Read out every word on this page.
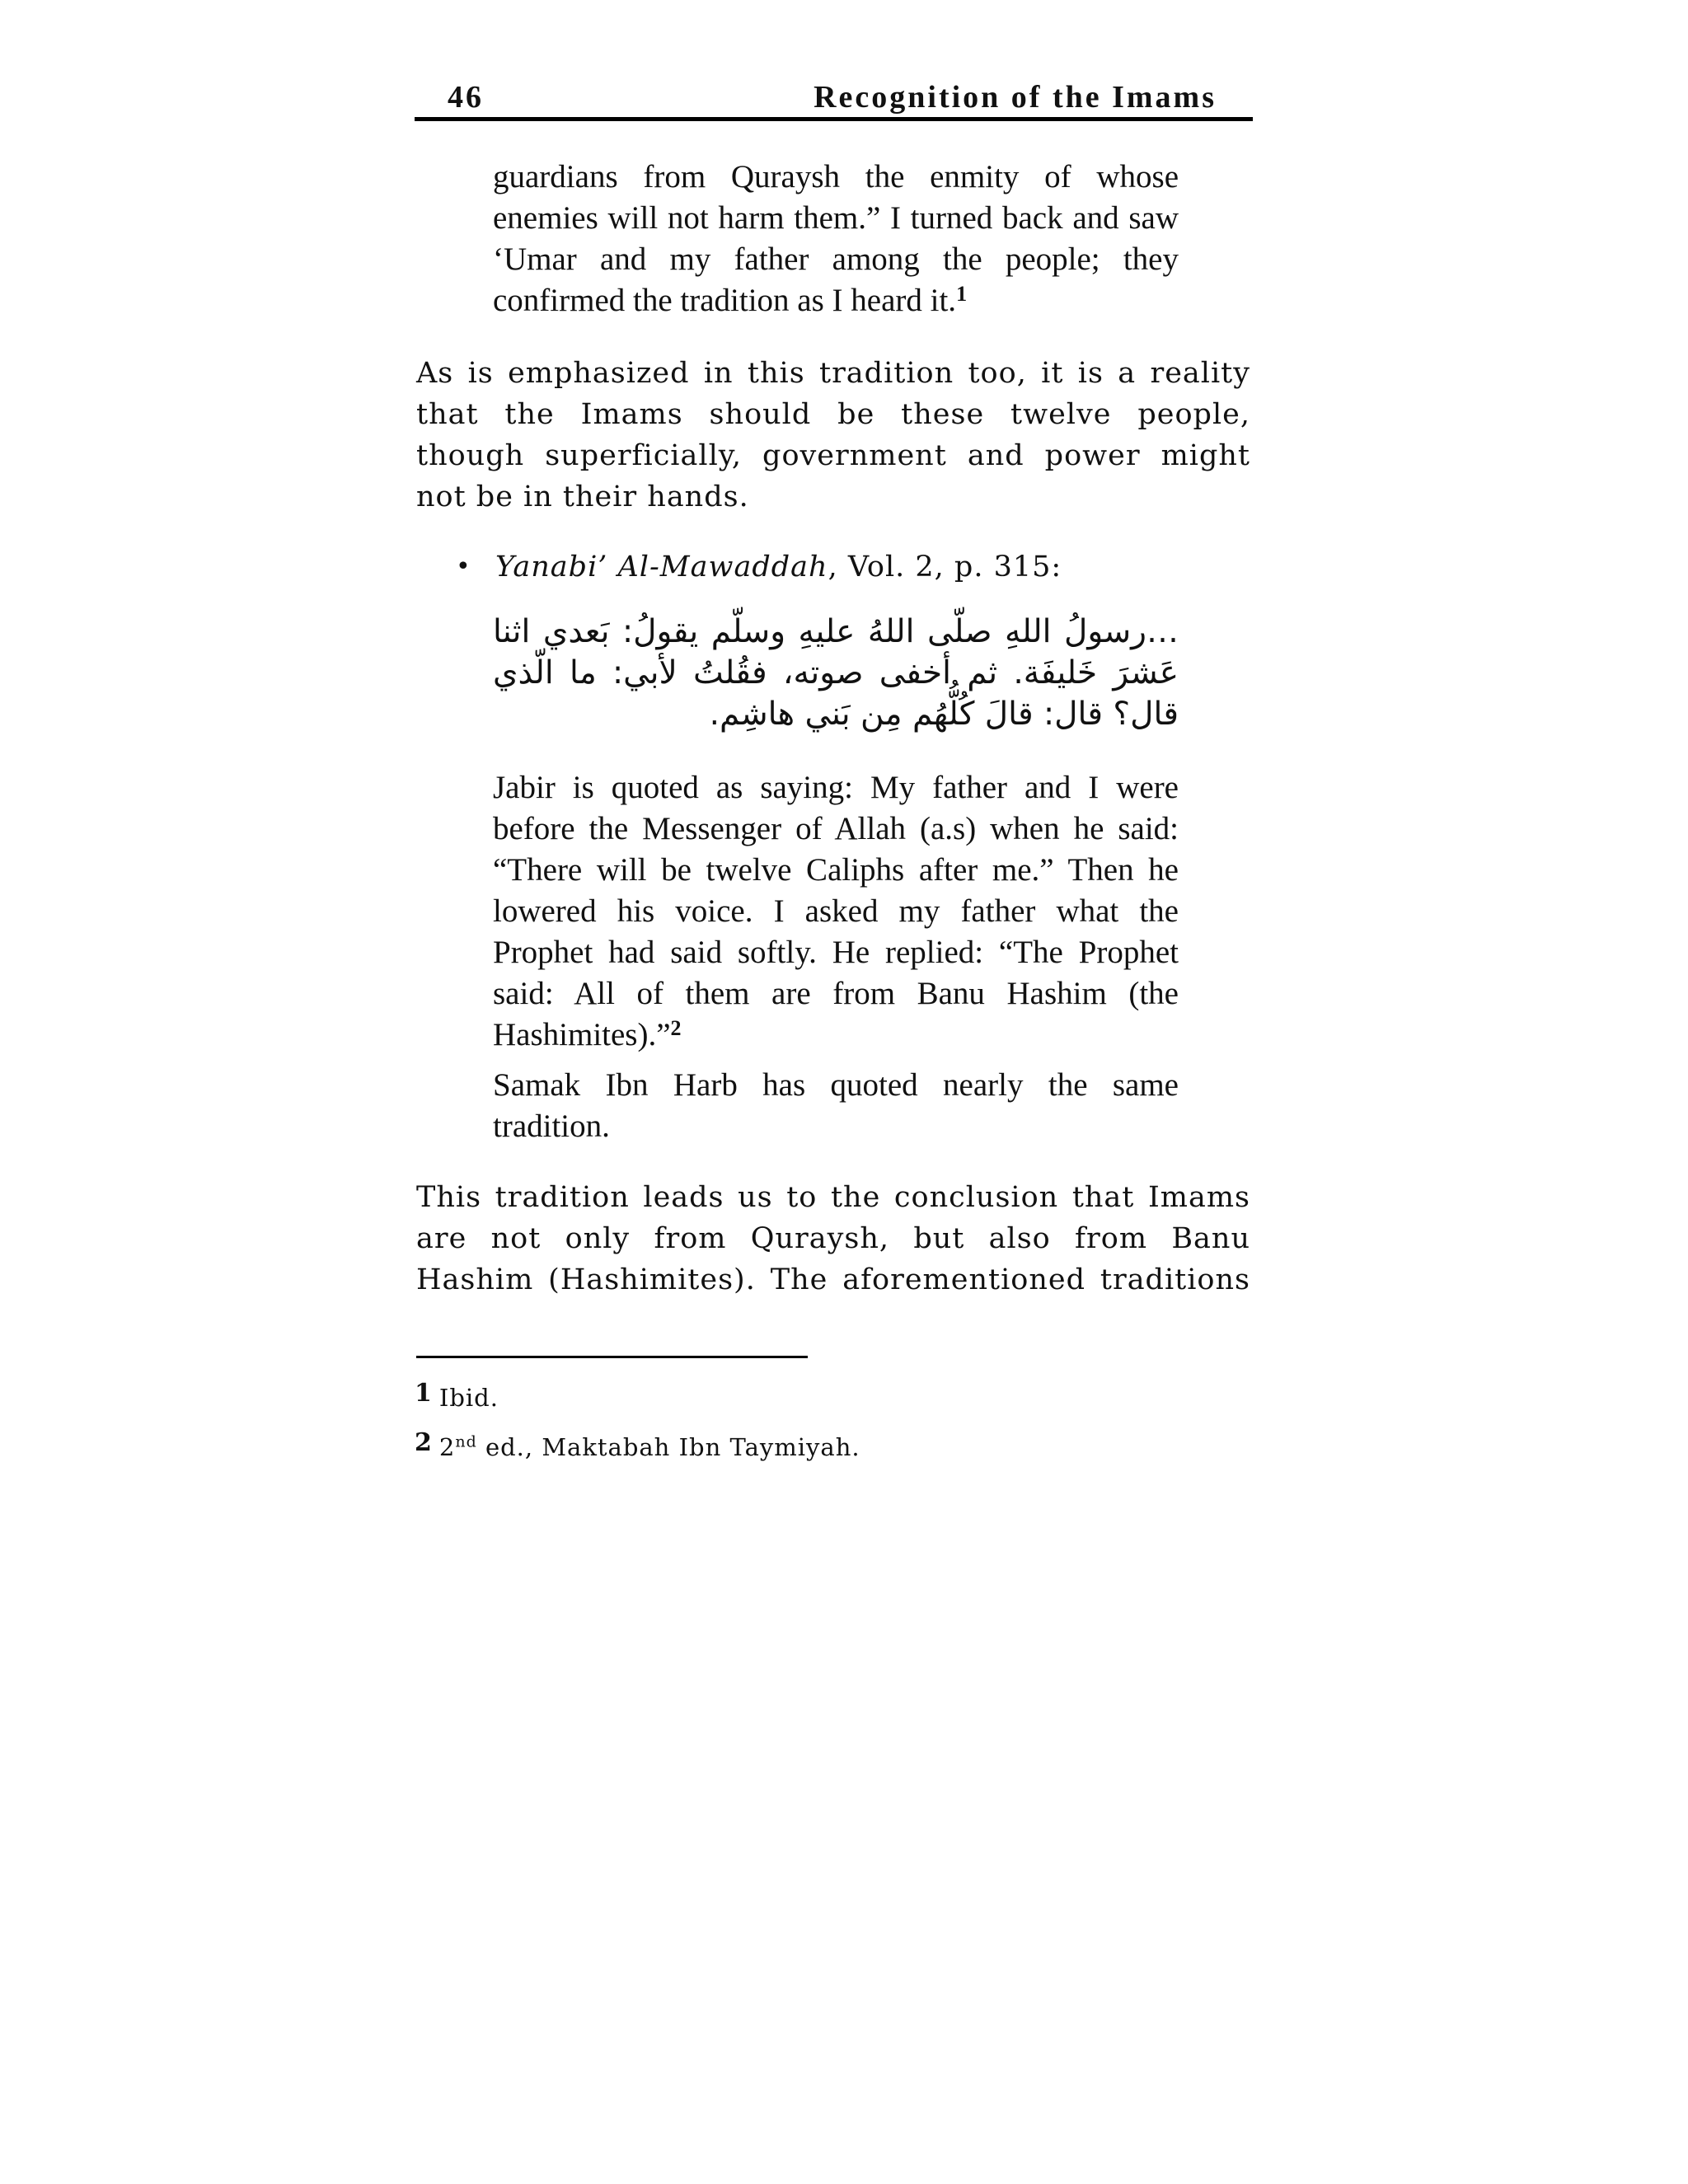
46	Recognition of the Imams

guardians from Quraysh the enmity of whose enemies will not harm them.” I turned back and saw ‘Umar and my father among the people; they confirmed the tradition as I heard it.$^1$

As is emphasized in this tradition too, it is a reality that the Imams should be these twelve people, though superficially, government and power might not be in their hands.

• Yanabi’ Al-Mawaddah, Vol. 2, p. 315:

…رسولُ اللهِ صلّى اللهُ عليهِ وسلّم يقولُ: بَعدي اثنا عَشرَ خَليفَة. ثم أخفى صوته، فقُلتُ لأبي: ما الّذي قال؟ قال: قالَ كُلُّهُم مِن بَني هاشِم.

Jabir is quoted as saying: My father and I were before the Messenger of Allah (a.s) when he said: “There will be twelve Caliphs after me.” Then he lowered his voice. I asked my father what the Prophet had said softly. He replied: “The Prophet said: All of them are from Banu Hashim (the Hashimites).”$^2$

Samak Ibn Harb has quoted nearly the same tradition.

This tradition leads us to the conclusion that Imams are not only from Quraysh, but also from Banu Hashim (Hashimites). The aforementioned traditions

1 Ibid.
2 2nd ed., Maktabah Ibn Taymiyah.
